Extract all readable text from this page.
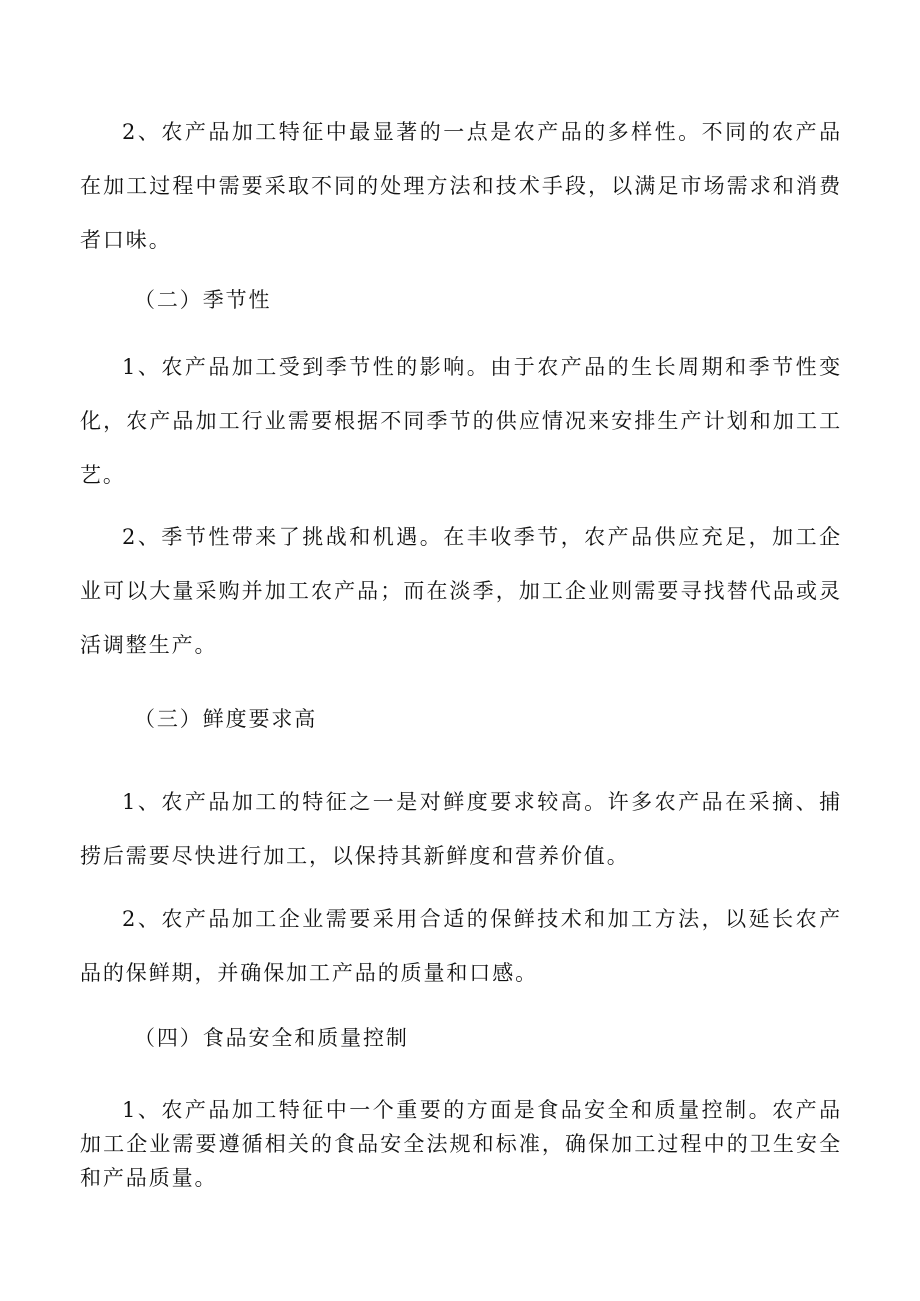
2、农产品加工特征中最显著的一点是农产品的多样性。不同的农产品在加工过程中需要采取不同的处理方法和技术手段，以满足市场需求和消费者口味。

（二）季节性

1、农产品加工受到季节性的影响。由于农产品的生长周期和季节性变化，农产品加工行业需要根据不同季节的供应情况来安排生产计划和加工工艺。

2、季节性带来了挑战和机遇。在丰收季节，农产品供应充足，加工企业可以大量采购并加工农产品；而在淡季，加工企业则需要寻找替代品或灵活调整生产。

（三）鲜度要求高

1、农产品加工的特征之一是对鲜度要求较高。许多农产品在采摘、捕捞后需要尽快进行加工，以保持其新鲜度和营养价值。

2、农产品加工企业需要采用合适的保鲜技术和加工方法，以延长农产品的保鲜期，并确保加工产品的质量和口感。

（四）食品安全和质量控制

1、农产品加工特征中一个重要的方面是食品安全和质量控制。农产品加工企业需要遵循相关的食品安全法规和标准，确保加工过程中的卫生安全和产品质量。
